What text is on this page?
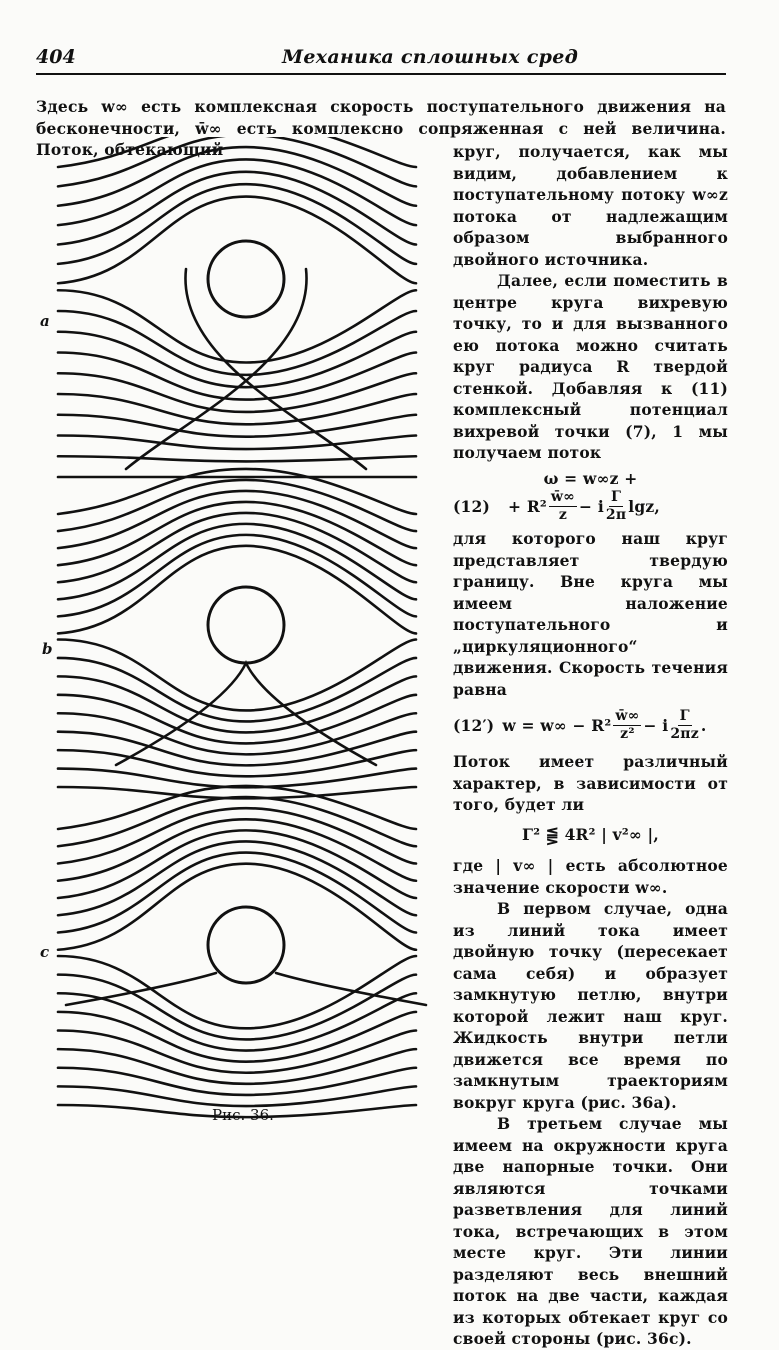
404	Механика сплошных сред
Здесь w∞ есть комплексная скорость поступательного движения на бесконечности, w̄∞ есть комплексно сопряженная с ней величина. Поток, обтекающий
a
b
c
Рис. 36.

круг, получается, как мы видим, добавлением к поступательному потоку w∞z потока от надлежащим образом выбранного двойного источника.

Далее, если поместить в центре круга вихревую точку, то и для вызванного ею потока можно считать круг радиуса R твердой стенкой. Добавляя к (11) комплексный потенциал вихревой точки (7), 1 мы получаем поток

ω = w∞z +
$(12) + R^2 \frac{w̄\infty}{z} - i \frac{\Gamma}{2\pi} \lg z$,

для которого наш круг представляет твердую границу. Вне круга мы имеем наложение поступательного и „циркуляционного“ движения. Скорость течения равна

(12′) $w = w\infty - R^2 \frac{w̄\infty}{\text{z²}} - i \frac{\Gamma}{2\pi z}$ .

Поток имеет различный характер, в зависимости от того, будет ли

Γ² ⪋ 4R² | v²∞ |,

где | v∞ | есть абсолютное значение скорости w∞.

В первом случае, одна из линий тока имеет двойную точку (пересекает сама себя) и образует замкнутую петлю, внутри которой лежит наш круг. Жидкость внутри петли движется все время по замкнутым траекториям вокруг круга (рис. 36а).

В третьем случае мы имеем на окружности круга две напорные точки. Они являются точками разветвления для линий тока, встречающих в этом месте круг. Эти линии разделяют весь внешний поток на две части, каждая из которых обтекает круг со своей стороны (рис. 36с).
